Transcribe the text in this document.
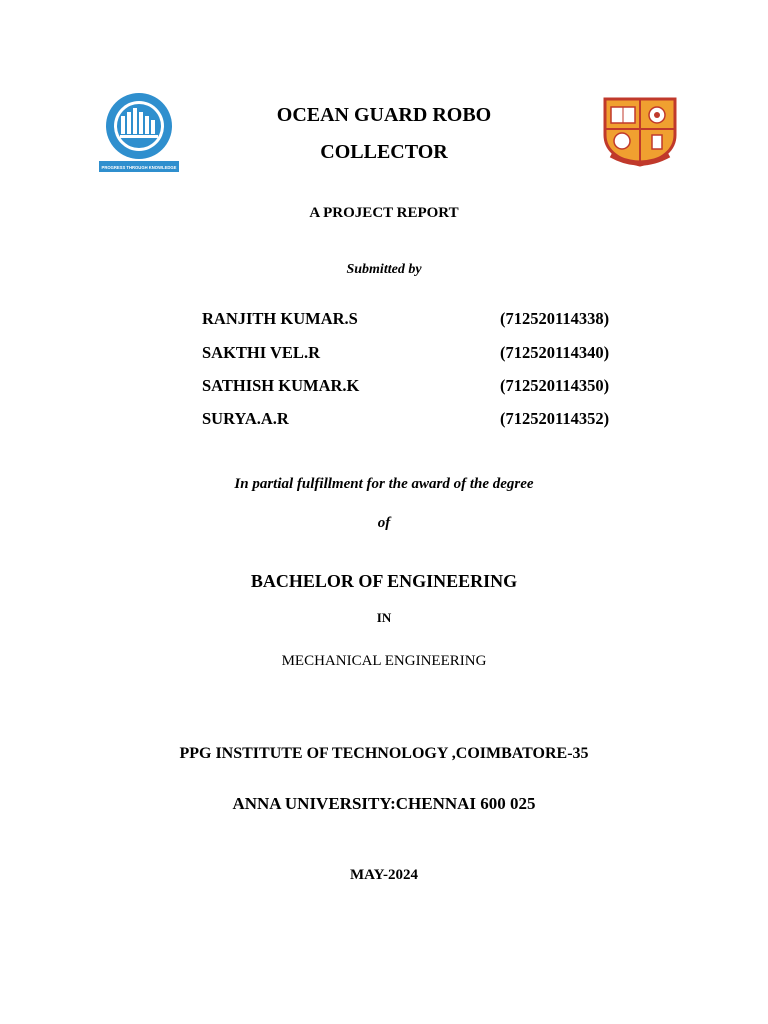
PROGRESS THROUGH KNOWLEDGE
OCEAN GUARD ROBO
COLLECTOR
A PROJECT REPORT
Submitted by
RANJITH KUMAR.S	(712520114338)
SAKTHI VEL.R	(712520114340)
SATHISH KUMAR.K	(712520114350)
SURYA.A.R	(712520114352)
In partial fulfillment for the award of the degree
of
BACHELOR OF ENGINEERING
IN
MECHANICAL ENGINEERING
PPG INSTITUTE OF TECHNOLOGY ,COIMBATORE-35
ANNA UNIVERSITY:CHENNAI 600 025
MAY-2024
